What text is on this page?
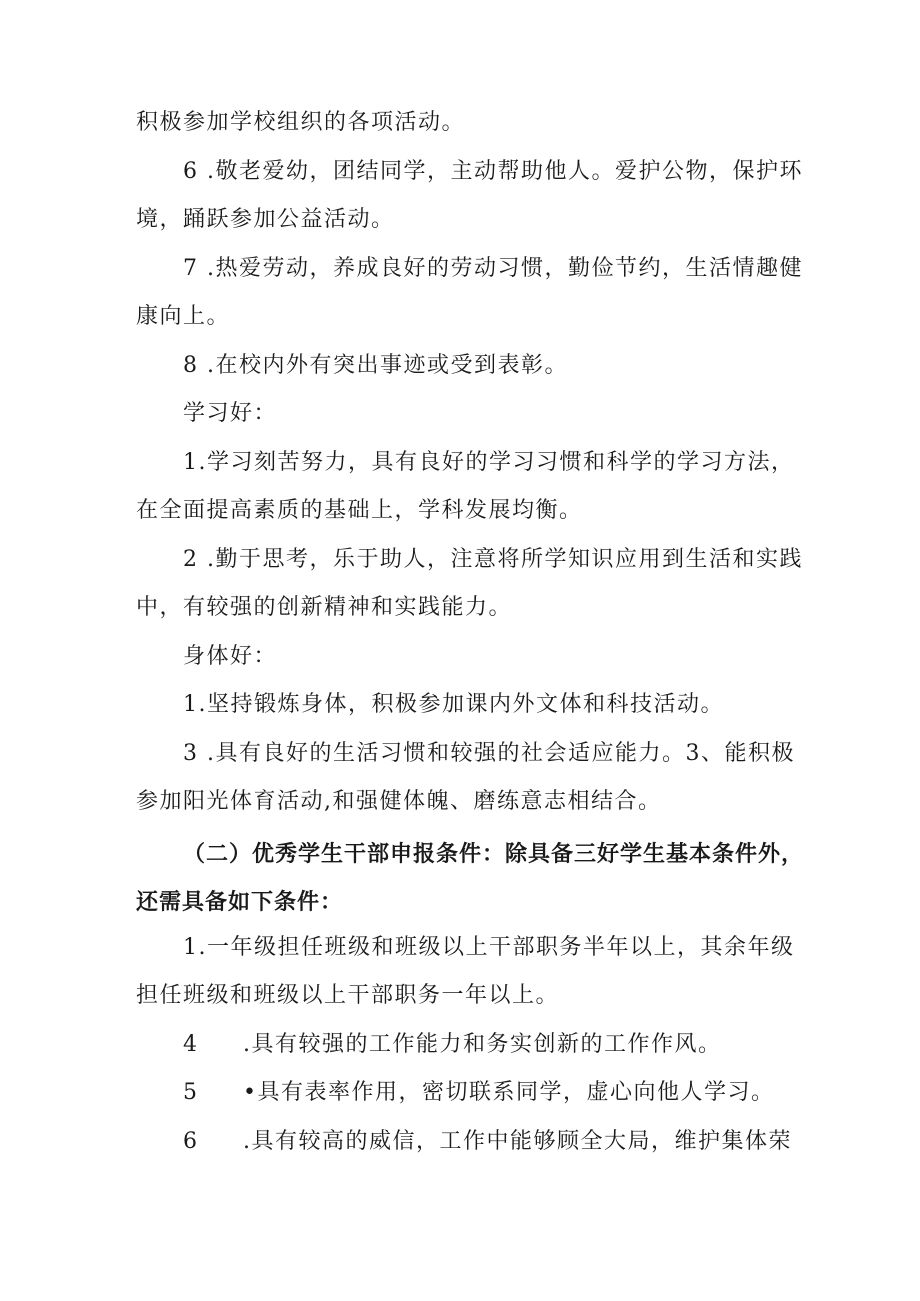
积极参加学校组织的各项活动。
6 .敬老爱幼，团结同学，主动帮助他人。爱护公物，保护环
境，踊跃参加公益活动。
7 .热爱劳动，养成良好的劳动习惯，勤俭节约，生活情趣健
康向上。
8 .在校内外有突出事迹或受到表彰。
学习好：
1.学习刻苦努力，具有良好的学习习惯和科学的学习方法，
在全面提高素质的基础上，学科发展均衡。
2 .勤于思考，乐于助人，注意将所学知识应用到生活和实践
中，有较强的创新精神和实践能力。
身体好：
1.坚持锻炼身体，积极参加课内外文体和科技活动。
3 .具有良好的生活习惯和较强的社会适应能力。3、能积极
参加阳光体育活动,和强健体魄、磨练意志相结合。
（二）优秀学生干部申报条件：除具备三好学生基本条件外，
还需具备如下条件：
1.一年级担任班级和班级以上干部职务半年以上，其余年级
担任班级和班级以上干部职务一年以上。
4 .具有较强的工作能力和务实创新的工作作风。
5 •具有表率作用，密切联系同学，虚心向他人学习。
6 .具有较高的威信，工作中能够顾全大局，维护集体荣
